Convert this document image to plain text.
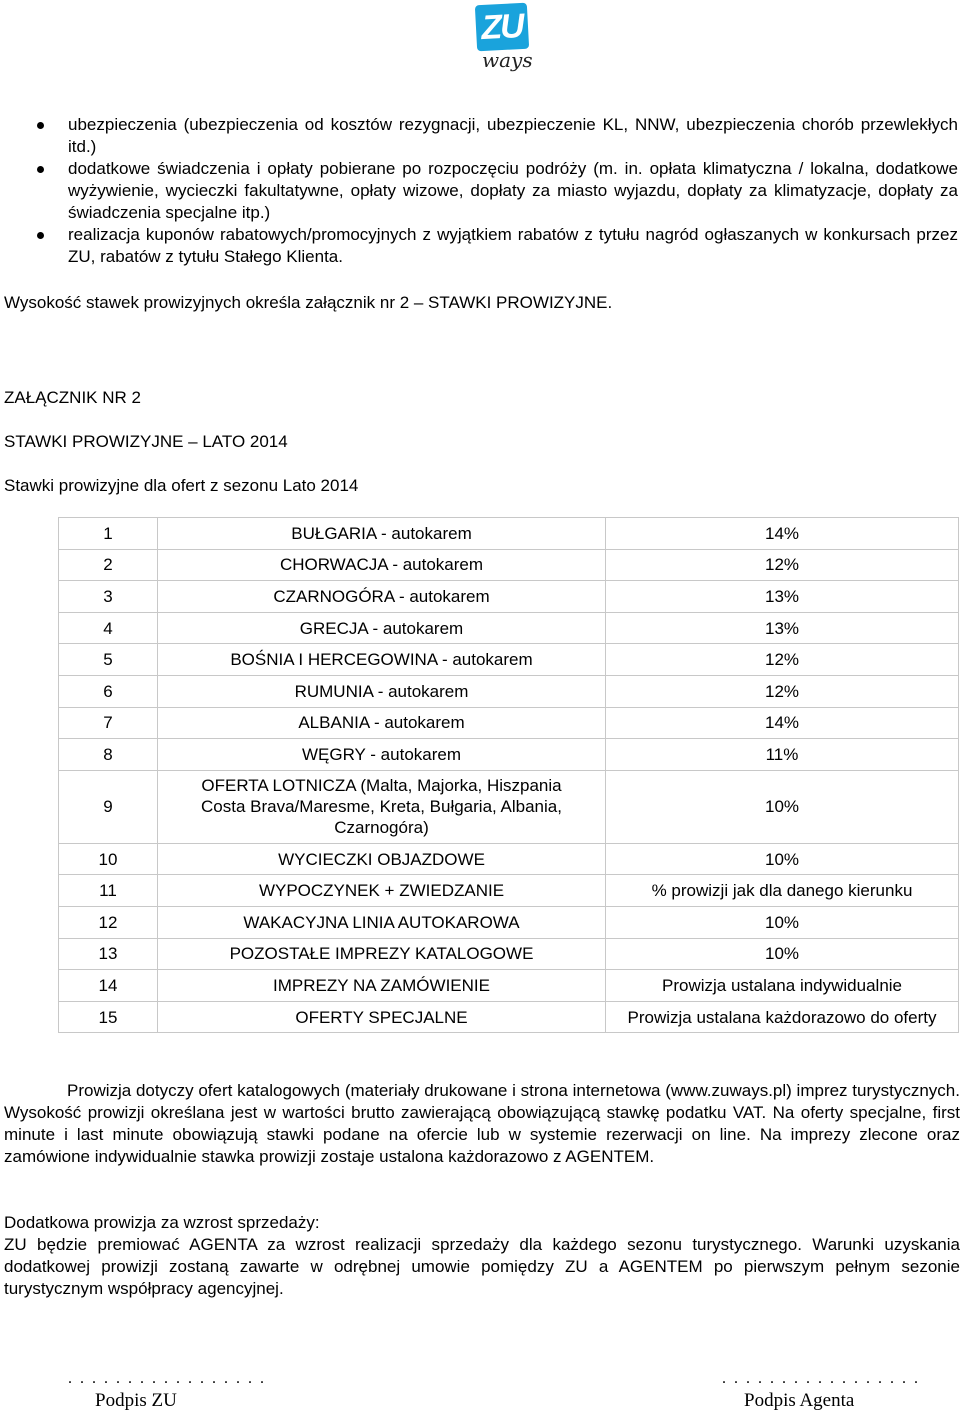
ZU
ways
ubezpieczenia (ubezpieczenia od kosztów rezygnacji, ubezpieczenie KL, NNW, ubezpieczenia chorób przewlekłych itd.)
dodatkowe świadczenia i opłaty pobierane po rozpoczęciu podróży (m. in. opłata klimatyczna / lokalna, dodatkowe wyżywienie, wycieczki fakultatywne, opłaty wizowe, dopłaty za miasto wyjazdu, dopłaty za klimatyzacje, dopłaty za świadczenia specjalne itp.)
realizacja kuponów rabatowych/promocyjnych z wyjątkiem rabatów z tytułu nagród ogłaszanych w konkursach przez ZU, rabatów z tytułu Stałego Klienta.
Wysokość stawek prowizyjnych określa załącznik nr 2 – STAWKI PROWIZYJNE.
ZAŁĄCZNIK NR 2
STAWKI PROWIZYJNE – LATO 2014
Stawki prowizyjne dla ofert z sezonu Lato 2014
1	BUŁGARIA - autokarem	14%
2	CHORWACJA - autokarem	12%
3	CZARNOGÓRA - autokarem	13%
4	GRECJA - autokarem	13%
5	BOŚNIA I HERCEGOWINA - autokarem	12%
6	RUMUNIA - autokarem	12%
7	ALBANIA - autokarem	14%
8	WĘGRY - autokarem	11%
9	OFERTA LOTNICZA (Malta, Majorka, Hiszpania Costa Brava/Maresme, Kreta, Bułgaria, Albania, Czarnogóra)	10%
10	WYCIECZKI OBJAZDOWE	10%
11	WYPOCZYNEK + ZWIEDZANIE	% prowizji jak dla danego kierunku
12	WAKACYJNA LINIA AUTOKAROWA	10%
13	POZOSTAŁE IMPREZY KATALOGOWE	10%
14	IMPREZY NA ZAMÓWIENIE	Prowizja ustalana indywidualnie
15	OFERTY SPECJALNE	Prowizja ustalana każdorazowo do oferty
Prowizja dotyczy ofert katalogowych (materiały drukowane i strona internetowa (www.zuways.pl) imprez turystycznych. Wysokość prowizji określana jest w wartości brutto zawierającą obowiązującą stawkę podatku VAT. Na oferty specjalne, first minute i last minute obowiązują stawki podane na ofercie lub w systemie rezerwacji on line. Na imprezy zlecone oraz zamówione indywidualnie stawka prowizji zostaje ustalona każdorazowo z AGENTEM.
Dodatkowa prowizja za wzrost sprzedaży:
ZU będzie premiować AGENTA za wzrost realizacji sprzedaży dla każdego sezonu turystycznego. Warunki uzyskania dodatkowej prowizji zostaną zawarte w odrębnej umowie pomiędzy ZU a AGENTEM po pierwszym pełnym sezonie turystycznym współpracy agencyjnej.
. . . . . . . . . . . . . . . . .	. . . . . . . . . . . . . . . . .
Podpis ZU	Podpis Agenta
